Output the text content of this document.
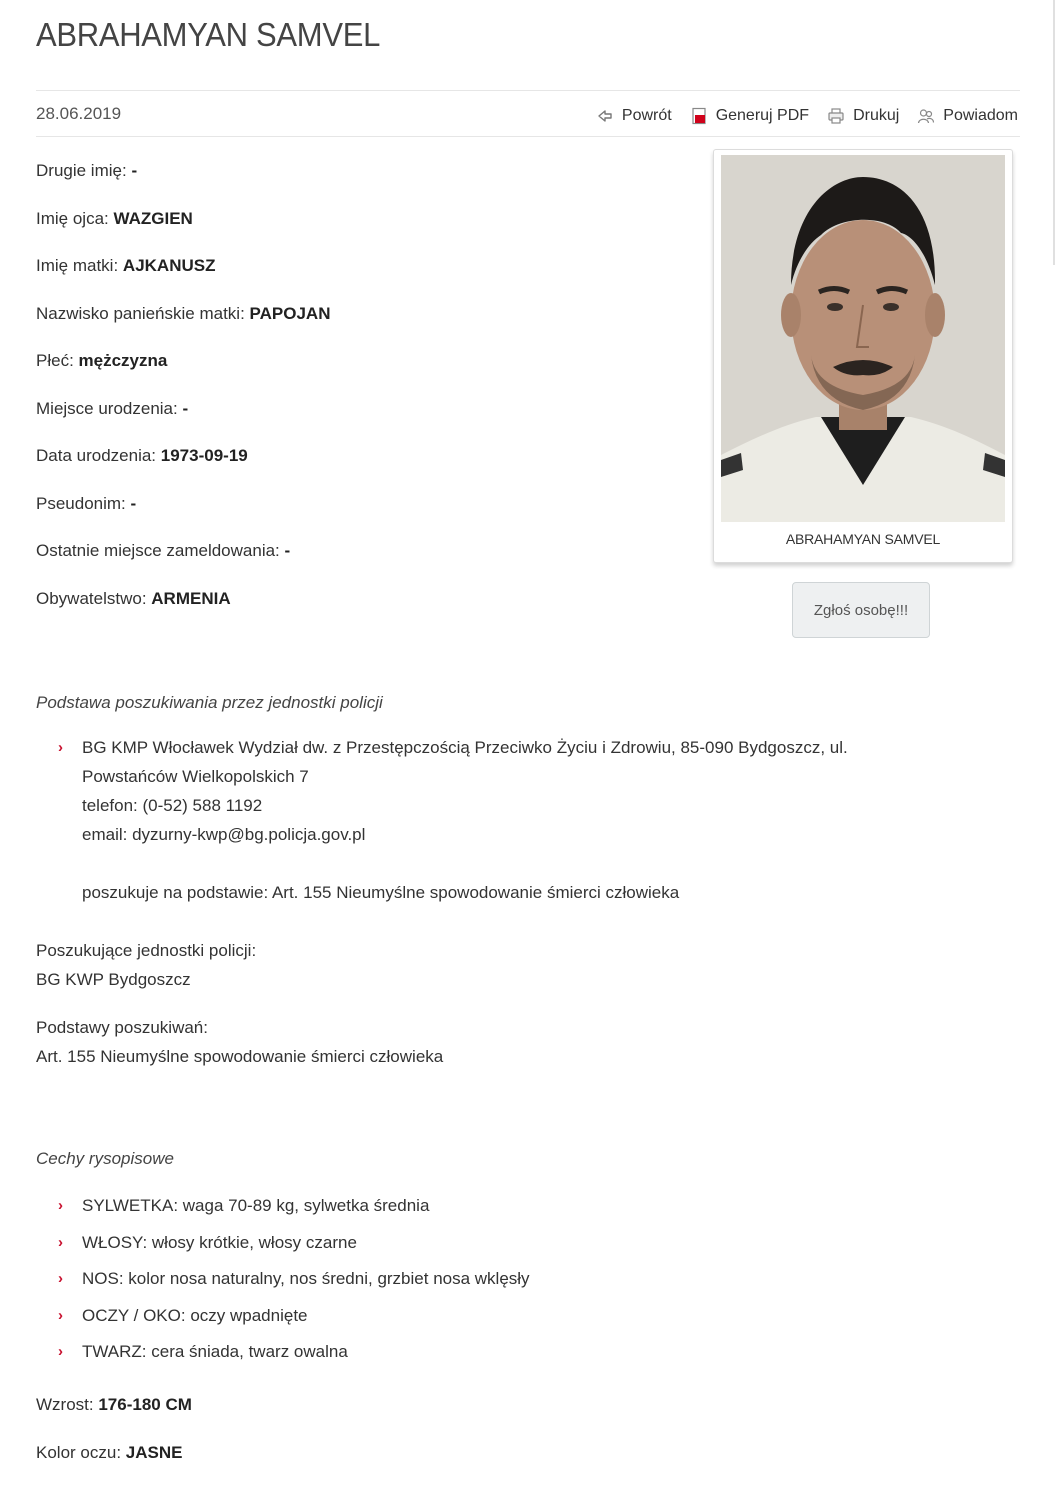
ABRAHAMYAN SAMVEL
28.06.2019	Powrót	Generuj PDF	Drukuj	Powiadom
Drugie imię: -
Imię ojca: WAZGIEN
Imię matki: AJKANUSZ
Nazwisko panieńskie matki: PAPOJAN
Płeć: mężczyzna
Miejsce urodzenia: -
Data urodzenia: 1973-09-19
Pseudonim: -
Ostatnie miejsce zameldowania: -
Obywatelstwo: ARMENIA
ABRAHAMYAN SAMVEL
Zgłoś osobę!!!
Podstawa poszukiwania przez jednostki policji
› BG KMP Włocławek Wydział dw. z Przestępczością Przeciwko Życiu i Zdrowiu, 85-090 Bydgoszcz, ul.
Powstańców Wielkopolskich 7
telefon: (0-52) 588 1192
email: dyzurny-kwp@bg.policja.gov.pl
poszukuje na podstawie: Art. 155 Nieumyślne spowodowanie śmierci człowieka
Poszukujące jednostki policji:
BG KWP Bydgoszcz
Podstawy poszukiwań:
Art. 155 Nieumyślne spowodowanie śmierci człowieka
Cechy rysopisowe
› SYLWETKA: waga 70-89 kg, sylwetka średnia
› WŁOSY: włosy krótkie, włosy czarne
› NOS: kolor nosa naturalny, nos średni, grzbiet nosa wklęsły
› OCZY / OKO: oczy wpadnięte
› TWARZ: cera śniada, twarz owalna
Wzrost: 176-180 CM
Kolor oczu: JASNE
